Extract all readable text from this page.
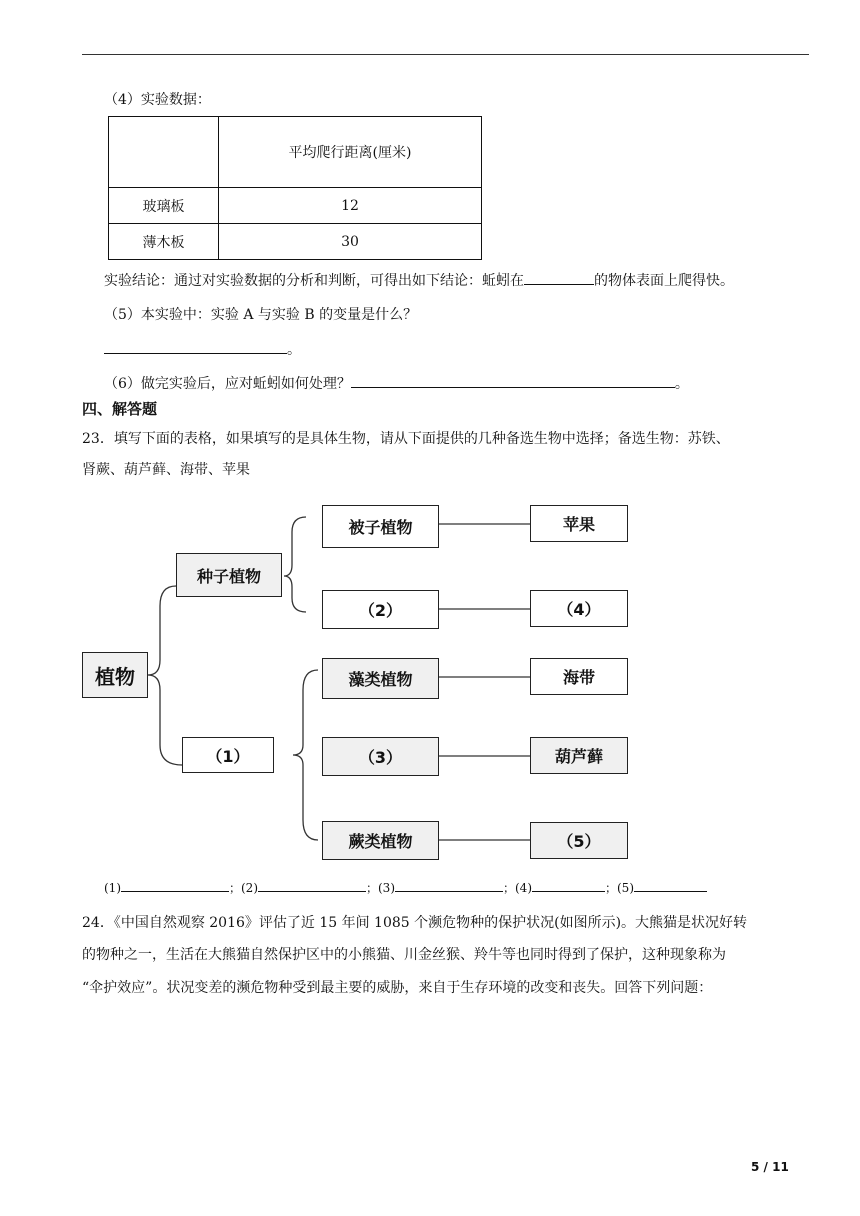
（4）实验数据：
	平均爬行距离(厘米)
玻璃板	12
薄木板	30
实验结论：通过对实验数据的分析和判断，可得出如下结论：蚯蚓在	的物体表面上爬得快。
（5）本实验中：实验 A 与实验 B 的变量是什么？
。
（6）做完实验后，应对蚯蚓如何处理？	。
四、解答题
23．填写下面的表格，如果填写的是具体生物，请从下面提供的几种备选生物中选择；备选生物：苏铁、
肾蕨、葫芦藓、海带、苹果
植物
种子植物
（1）
被子植物
（2）
藻类植物
（3）
蕨类植物
苹果
（4）
海带
葫芦藓
（5）
(1)	；(2)	；(3)	；(4)	；(5)
24．《中国自然观察 2016》评估了近 15 年间 1085 个濒危物种的保护状况(如图所示)。大熊猫是状况好转
的物种之一，生活在大熊猫自然保护区中的小熊猫、川金丝猴、羚牛等也同时得到了保护，这种现象称为
“伞护效应”。状况变差的濒危物种受到最主要的威胁，来自于生存环境的改变和丧失。回答下列问题：
5 / 11
